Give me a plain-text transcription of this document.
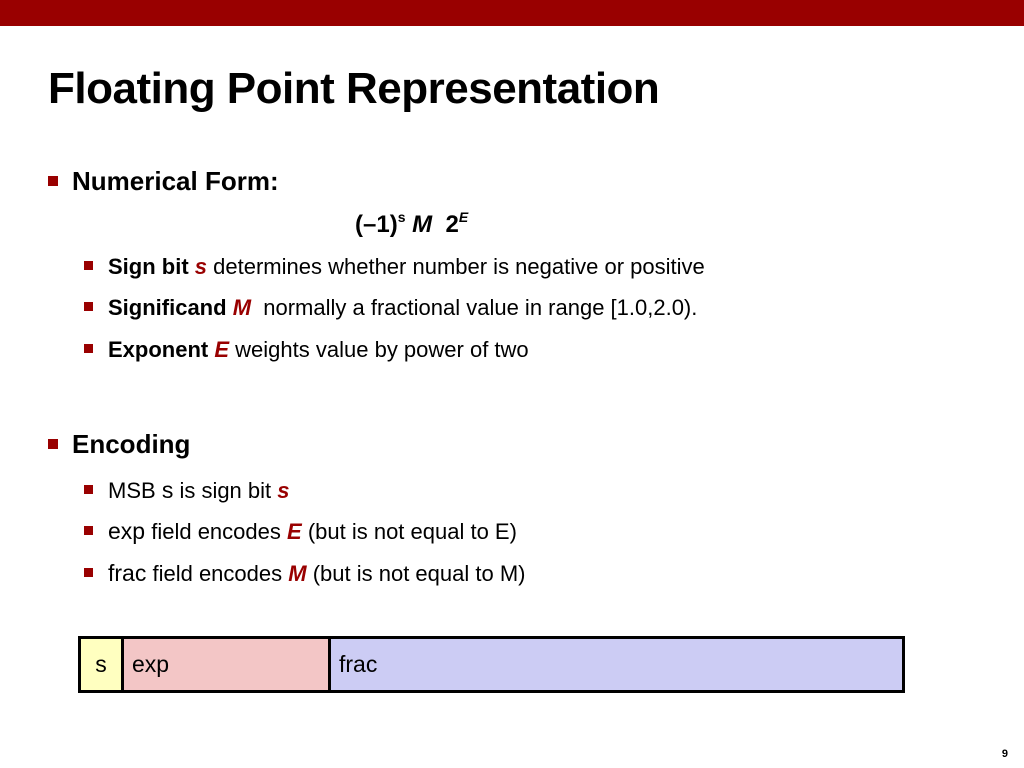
Floating Point Representation
Numerical Form:
$(-1)^s$ M $2^E$
Sign bit s determines whether number is negative or positive
Significand M normally a fractional value in range [1.0,2.0).
Exponent E weights value by power of two
Encoding
MSB s is sign bit s
exp field encodes E (but is not equal to E)
frac field encodes M (but is not equal to M)
s	exp	frac
9
